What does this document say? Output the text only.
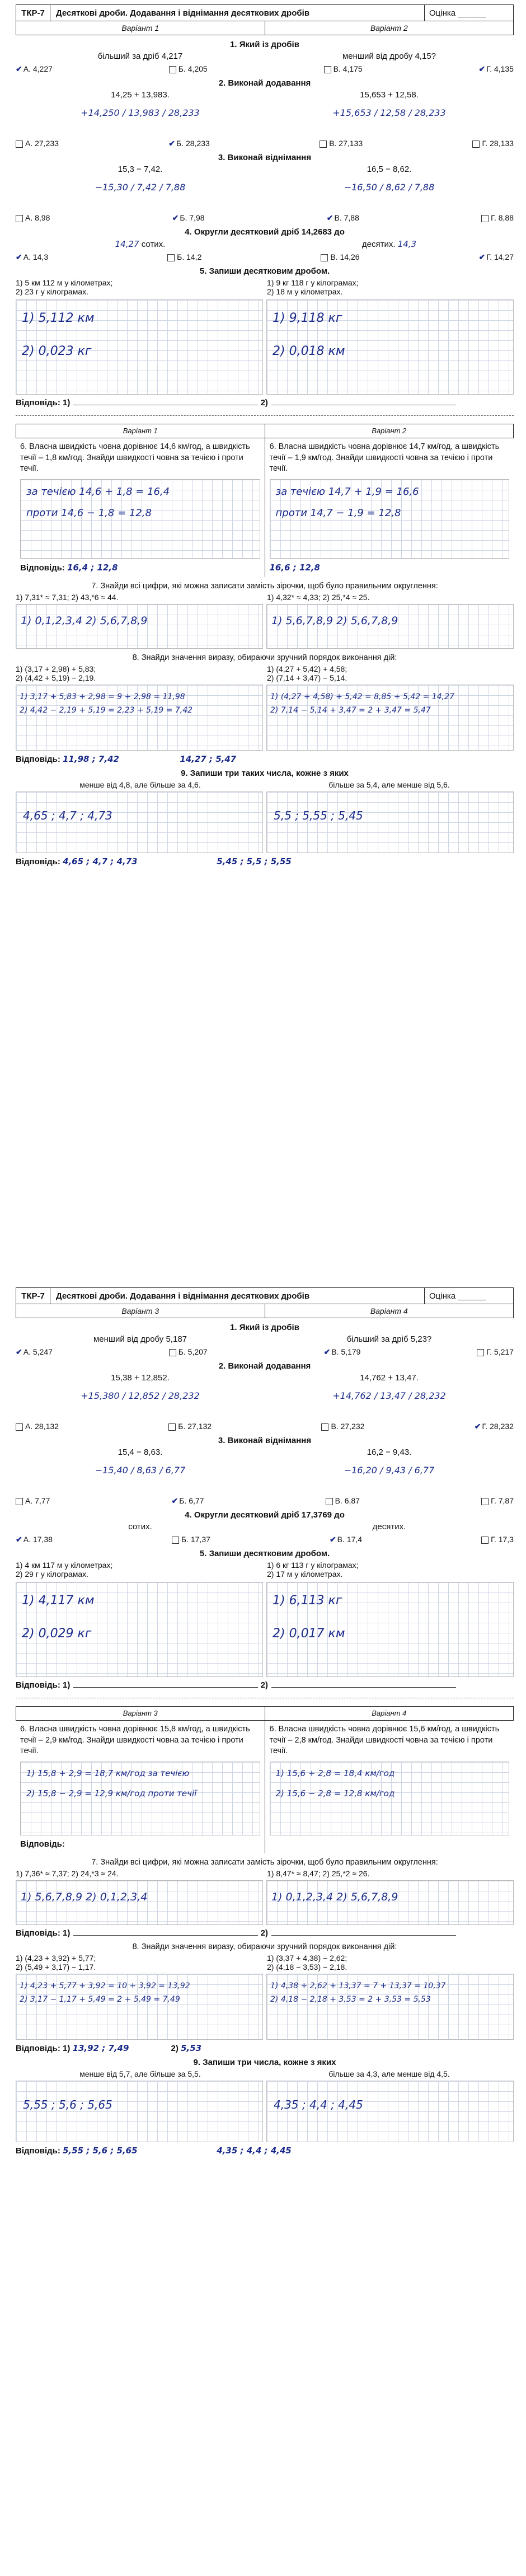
ТКР-7	Десяткові дроби. Додавання і віднімання десяткових дробів	Оцінка ______
Варіант 1	Варіант 2
1. Який із дробів
більший за дріб 4,217	менший від дробу 4,15?
✔ А. 4,227	Б. 4,205	В. 4,175	✔ Г. 4,135
2. Виконай додавання
14,25 + 13,983.	15,653 + 12,58.
+14,250 / 13,983 / 28,233	+15,653 / 12,58 / 28,233
А. 27,233	✔ Б. 28,233	В. 27,133	Г. 28,133
3. Виконай віднімання
15,3 − 7,42.	16,5 − 8,62.
−15,30 / 7,42 / 7,88	−16,50 / 8,62 / 7,88
А. 8,98	✔ Б. 7,98	✔ В. 7,88	Г. 8,88
4. Округли десятковий дріб 14,2683 до
14,27 сотих.	десятих. 14,3
✔ А. 14,3	Б. 14,2	В. 14,26	✔ Г. 14,27
5. Запиши десятковим дробом.
1) 5 км 112 м у кілометрах;
2) 23 г у кілограмах.
1) 9 кг 118 г у кілограмах;
2) 18 м у кілометрах.
1) 5,112 км
2) 0,023 кг
1) 9,118 кг
2) 0,018 км
Відповідь: 1)	2)
Варіант 1	Варіант 2
6. Власна швидкість човна дорівнює 14,6 км/год, а швидкість течії – 1,8 км/год. Знайди швидкості човна за течією і проти течії.
за течією 14,6 + 1,8 = 16,4
проти 14,6 − 1,8 = 12,8
Відповідь: 16,4 ; 12,8
6. Власна швидкість човна дорівнює 14,7 км/год, а швидкість течії – 1,9 км/год. Знайди швидкості човна за течією і проти течії.
за течією 14,7 + 1,9 = 16,6
проти 14,7 − 1,9 = 12,8
16,6 ; 12,8
7. Знайди всі цифри, які можна записати замість зірочки, щоб було правильним округлення:
1) 7,31* ≈ 7,31; 2) 43,*6 ≈ 44.	1) 4,32* ≈ 4,33; 2) 25,*4 ≈ 25.
1) 0,1,2,3,4 2) 5,6,7,8,9	1) 5,6,7,8,9 2) 5,6,7,8,9
8. Знайди значення виразу, обираючи зручний порядок виконання дій:
1) (3,17 + 2,98) + 5,83;
2) (4,42 + 5,19) − 2,19.
1) (4,27 + 5,42) + 4,58;
2) (7,14 + 3,47) − 5,14.
1) 3,17 + 5,83 + 2,98 = 9 + 2,98 = 11,98
2) 4,42 − 2,19 + 5,19 = 2,23 + 5,19 = 7,42
1) (4,27 + 4,58) + 5,42 = 8,85 + 5,42 = 14,27
2) 7,14 − 5,14 + 3,47 = 2 + 3,47 = 5,47
Відповідь: 11,98 ; 7,42	14,27 ; 5,47
9. Запиши три таких числа, кожне з яких
менше від 4,8, але більше за 4,6.	більше за 5,4, але менше від 5,6.
4,65 ; 4,7 ; 4,73	5,5 ; 5,55 ; 5,45
Відповідь: 4,65 ; 4,7 ; 4,73	5,45 ; 5,5 ; 5,55
ТКР-7	Десяткові дроби. Додавання і віднімання десяткових дробів	Оцінка ______
Варіант 3	Варіант 4
1. Який із дробів
менший від дробу 5,187	більший за дріб 5,23?
✔ А. 5,247	Б. 5,207	✔ В. 5,179	Г. 5,217
2. Виконай додавання
15,38 + 12,852.	14,762 + 13,47.
+15,380 / 12,852 / 28,232	+14,762 / 13,47 / 28,232
А. 28,132	Б. 27,132	В. 27,232	✔ Г. 28,232
3. Виконай віднімання
15,4 − 8,63.	16,2 − 9,43.
−15,40 / 8,63 / 6,77	−16,20 / 9,43 / 6,77
А. 7,77	✔ Б. 6,77	В. 6,87	Г. 7,87
4. Округли десятковий дріб 17,3769 до
сотих.	десятих.
✔ А. 17,38	Б. 17,37	✔ В. 17,4	Г. 17,3
5. Запиши десятковим дробом.
1) 4 км 117 м у кілометрах;
2) 29 г у кілограмах.
1) 6 кг 113 г у кілограмах;
2) 17 м у кілометрах.
1) 4,117 км
2) 0,029 кг
1) 6,113 кг
2) 0,017 км
Відповідь: 1)	2)
Варіант 3	Варіант 4
6. Власна швидкість човна дорівнює 15,8 км/год, а швидкість течії – 2,9 км/год. Знайди швидкості човна за течією і проти течії.
1) 15,8 + 2,9 = 18,7 км/год за течією
2) 15,8 − 2,9 = 12,9 км/год проти течії
Відповідь:
6. Власна швидкість човна дорівнює 15,6 км/год, а швидкість течії – 2,8 км/год. Знайди швидкості човна за течією і проти течії.
1) 15,6 + 2,8 = 18,4 км/год
2) 15,6 − 2,8 = 12,8 км/год
7. Знайди всі цифри, які можна записати замість зірочки, щоб було правильним округлення:
1) 7,36* ≈ 7,37; 2) 24,*3 ≈ 24.	1) 8,47* ≈ 8,47; 2) 25,*2 ≈ 26.
1) 5,6,7,8,9 2) 0,1,2,3,4	1) 0,1,2,3,4 2) 5,6,7,8,9
Відповідь: 1)	2)
8. Знайди значення виразу, обираючи зручний порядок виконання дій:
1) (4,23 + 3,92) + 5,77;
2) (5,49 + 3,17) − 1,17.
1) (3,37 + 4,38) − 2,62;
2) (4,18 − 3,53) − 2,18.
1) 4,23 + 5,77 + 3,92 = 10 + 3,92 = 13,92
2) 3,17 − 1,17 + 5,49 = 2 + 5,49 = 7,49
1) 4,38 + 2,62 + 13,37 = 7 + 13,37 = 10,37
2) 4,18 − 2,18 + 3,53 = 2 + 3,53 = 5,53
Відповідь: 1) 13,92 ; 7,49	2) 5,53
9. Запиши три числа, кожне з яких
менше від 5,7, але більше за 5,5.	більше за 4,3, але менше від 4,5.
5,55 ; 5,6 ; 5,65	4,35 ; 4,4 ; 4,45
Відповідь: 5,55 ; 5,6 ; 5,65	4,35 ; 4,4 ; 4,45
